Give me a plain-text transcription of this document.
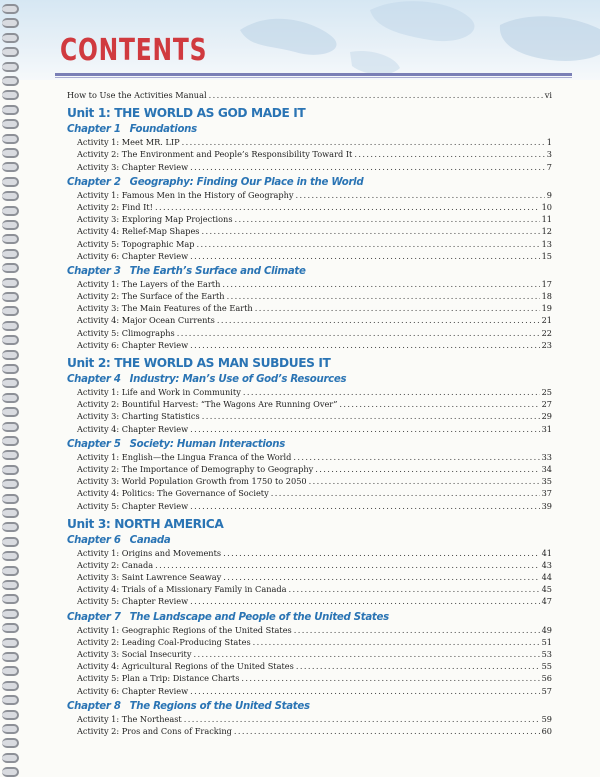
CONTENTS
How to Use the Activities Manual .....	vi
Unit 1: THE WORLD AS GOD MADE IT
Chapter 1 Foundations
Activity 1: Meet MR. LIP .....	1
Activity 2: The Environment and People’s Responsibility Toward It .....	3
Activity 3: Chapter Review .....	7
Chapter 2 Geography: Finding Our Place in the World
Activity 1: Famous Men in the History of Geography .....	9
Activity 2: Find It! .....	10
Activity 3: Exploring Map Projections .....	11
Activity 4: Relief-Map Shapes .....	12
Activity 5: Topographic Map .....	13
Activity 6: Chapter Review .....	15
Chapter 3 The Earth’s Surface and Climate
Activity 1: The Layers of the Earth .....	17
Activity 2: The Surface of the Earth .....	18
Activity 3: The Main Features of the Earth .....	19
Activity 4: Major Ocean Currents .....	21
Activity 5: Climographs .....	22
Activity 6: Chapter Review .....	23
Unit 2: THE WORLD AS MAN SUBDUES IT
Chapter 4 Industry: Man’s Use of God’s Resources
Activity 1: Life and Work in Community .....	25
Activity 2: Bountiful Harvest: “The Wagons Are Running Over” .....	27
Activity 3: Charting Statistics .....	29
Activity 4: Chapter Review .....	31
Chapter 5 Society: Human Interactions
Activity 1: English—the Lingua Franca of the World .....	33
Activity 2: The Importance of Demography to Geography .....	34
Activity 3: World Population Growth from 1750 to 2050 .....	35
Activity 4: Politics: The Governance of Society .....	37
Activity 5: Chapter Review .....	39
Unit 3: NORTH AMERICA
Chapter 6 Canada
Activity 1: Origins and Movements .....	41
Activity 2: Canada .....	43
Activity 3: Saint Lawrence Seaway .....	44
Activity 4: Trials of a Missionary Family in Canada .....	45
Activity 5: Chapter Review .....	47
Chapter 7 The Landscape and People of the United States
Activity 1: Geographic Regions of the United States .....	49
Activity 2: Leading Coal-Producing States .....	51
Activity 3: Social Insecurity .....	53
Activity 4: Agricultural Regions of the United States .....	55
Activity 5: Plan a Trip: Distance Charts .....	56
Activity 6: Chapter Review .....	57
Chapter 8 The Regions of the United States
Activity 1: The Northeast .....	59
Activity 2: Pros and Cons of Fracking .....	60
